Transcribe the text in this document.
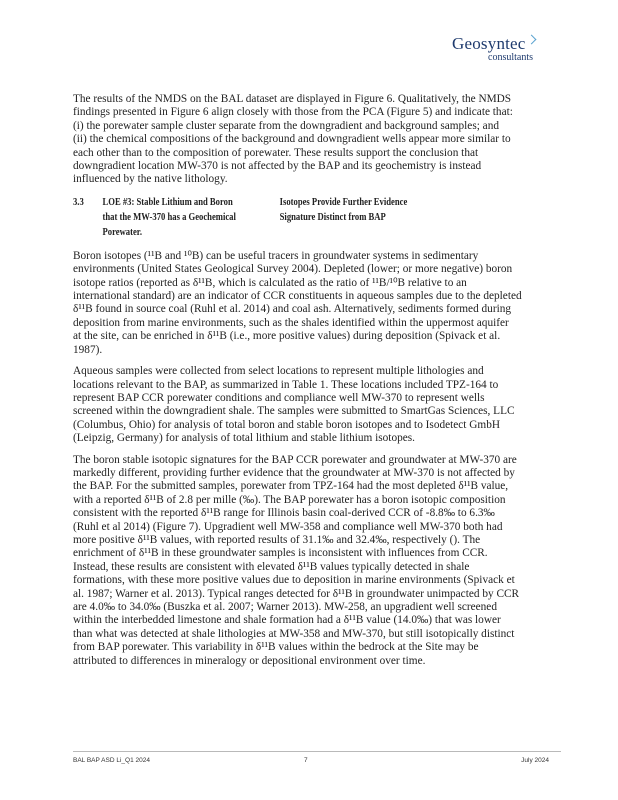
Geosyntec
consultants

The results of the NMDS on the BAL dataset are displayed in Figure 6. Qualitatively, the NMDS

findings presented in Figure 6 align closely with those from the PCA (Figure 5) and indicate that:

(i) the porewater sample cluster separate from the downgradient and background samples; and

(ii) the chemical compositions of the background and downgradient wells appear more similar to

each other than to the composition of porewater. These results support the conclusion that

downgradient location MW-370 is not affected by the BAP and its geochemistry is instead

influenced by the native lithology.

3.3	LOE #3: Stable Lithium and Boron
that the MW-370 has a Geochemical
Porewater.
Isotopes Provide Further Evidence
Signature Distinct from BAP

Boron isotopes (¹¹B and ¹⁰B) can be useful tracers in groundwater systems in sedimentary

environments (United States Geological Survey 2004). Depleted (lower; or more negative) boron

isotope ratios (reported as δ¹¹B, which is calculated as the ratio of ¹¹B/¹⁰B relative to an

international standard) are an indicator of CCR constituents in aqueous samples due to the depleted

δ¹¹B found in source coal (Ruhl et al. 2014) and coal ash. Alternatively, sediments formed during

deposition from marine environments, such as the shales identified within the uppermost aquifer

at the site, can be enriched in δ¹¹B (i.e., more positive values) during deposition (Spivack et al.

1987).

Aqueous samples were collected from select locations to represent multiple lithologies and

locations relevant to the BAP, as summarized in Table 1. These locations included TPZ-164 to

represent BAP CCR porewater conditions and compliance well MW-370 to represent wells

screened within the downgradient shale. The samples were submitted to SmartGas Sciences, LLC

(Columbus, Ohio) for analysis of total boron and stable boron isotopes and to Isodetect GmbH

(Leipzig, Germany) for analysis of total lithium and stable lithium isotopes.

The boron stable isotopic signatures for the BAP CCR porewater and groundwater at MW-370 are

markedly different, providing further evidence that the groundwater at MW-370 is not affected by

the BAP. For the submitted samples, porewater from TPZ-164 had the most depleted δ¹¹B value,

with a reported δ¹¹B of 2.8 per mille (‰). The BAP porewater has a boron isotopic composition

consistent with the reported δ¹¹B range for Illinois basin coal-derived CCR of -8.8‰ to 6.3‰

(Ruhl et al 2014) (Figure 7). Upgradient well MW-358 and compliance well MW-370 both had

more positive δ¹¹B values, with reported results of 31.1‰ and 32.4‰, respectively (). The

enrichment of δ¹¹B in these groundwater samples is inconsistent with influences from CCR.

Instead, these results are consistent with elevated δ¹¹B values typically detected in shale

formations, with these more positive values due to deposition in marine environments (Spivack et

al. 1987; Warner et al. 2013). Typical ranges detected for δ¹¹B in groundwater unimpacted by CCR

are 4.0‰ to 34.0‰ (Buszka et al. 2007; Warner 2013). MW-258, an upgradient well screened

within the interbedded limestone and shale formation had a δ¹¹B value (14.0‰) that was lower

than what was detected at shale lithologies at MW-358 and MW-370, but still isotopically distinct

from BAP porewater. This variability in δ¹¹B values within the bedrock at the Site may be

attributed to differences in mineralogy or depositional environment over time.

BAL BAP ASD Li_Q1 2024	7	July 2024
